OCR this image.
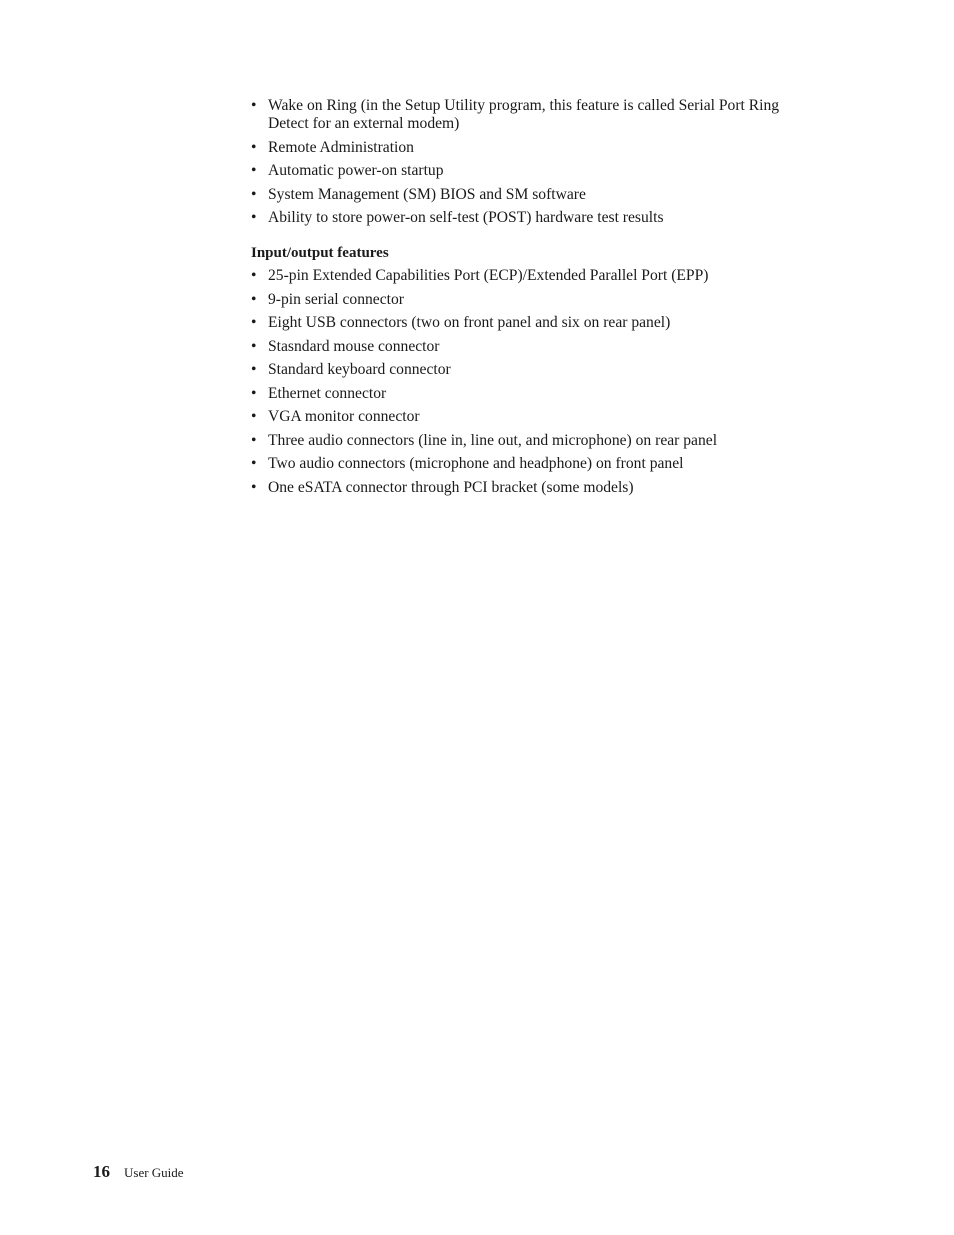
• Wake on Ring (in the Setup Utility program, this feature is called Serial Port Ring Detect for an external modem)
• Remote Administration
• Automatic power-on startup
• System Management (SM) BIOS and SM software
• Ability to store power-on self-test (POST) hardware test results
Input/output features
• 25-pin Extended Capabilities Port (ECP)/Extended Parallel Port (EPP)
• 9-pin serial connector
• Eight USB connectors (two on front panel and six on rear panel)
• Stasndard mouse connector
• Standard keyboard connector
• Ethernet connector
• VGA monitor connector
• Three audio connectors (line in, line out, and microphone) on rear panel
• Two audio connectors (microphone and headphone) on front panel
• One eSATA connector through PCI bracket (some models)
16 User Guide
